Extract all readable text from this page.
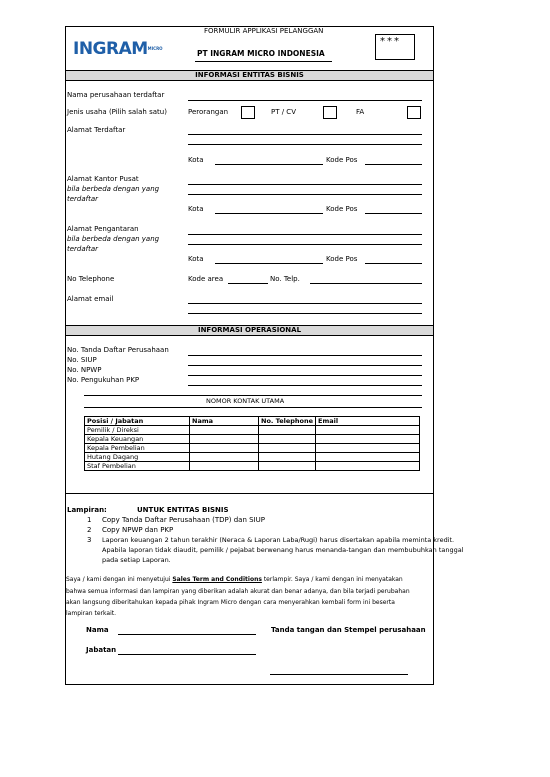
$INGRAM^{MICRO}$
FORMULIR APPLIKASI PELANGGAN
PT INGRAM MICRO INDONESIA
***
INFORMASI ENTITAS BISNIS
Nama perusahaan terdaftar
Jenis usaha (Pilih salah satu)	Perorangan	PT / CV	FA
Alamat Terdaftar
Kota	Kode Pos
Alamat Kantor Pusat
bila berbeda dengan yang
terdaftar
Kota	Kode Pos
Alamat Pengantaran
bila berbeda dengan yang
terdaftar
Kota	Kode Pos
No Telephone	Kode area	No. Telp.
Alamat email
INFORMASI OPERASIONAL
No. Tanda Daftar Perusahaan
No. SIUP
No. NPWP
No. Pengukuhan PKP
NOMOR KONTAK UTAMA
Posisi / Jabatan	Nama	No. Telephone	Email
Pemilik / Direksi			
Kepala Keuangan			
Kepala Pembelian			
Hutang Dagang			
Staf Pembelian			
Lampiran:	UNTUK ENTITAS BISNIS
1 Copy Tanda Daftar Perusahaan (TDP) dan SIUP
2 Copy NPWP dan PKP
3 Laporan keuangan 2 tahun terakhir (Neraca & Laporan Laba/Rugi) harus disertakan apabila meminta kredit.
Apabila laporan tidak diaudit, pemilik / pejabat berwenang harus menanda-tangan dan membubuhkan tanggal
pada setiap Laporan.
Saya / kami dengan ini menyetujui Sales Term and Conditions terlampir. Saya / kami dengan ini menyatakan
bahwa semua informasi dan lampiran yang diberikan adalah akurat dan benar adanya, dan bila terjadi perubahan
akan langsung diberitahukan kepada pihak Ingram Micro dengan cara menyerahkan kembali form ini beserta
lampiran terkait.
Nama	Tanda tangan dan Stempel perusahaan
Jabatan
